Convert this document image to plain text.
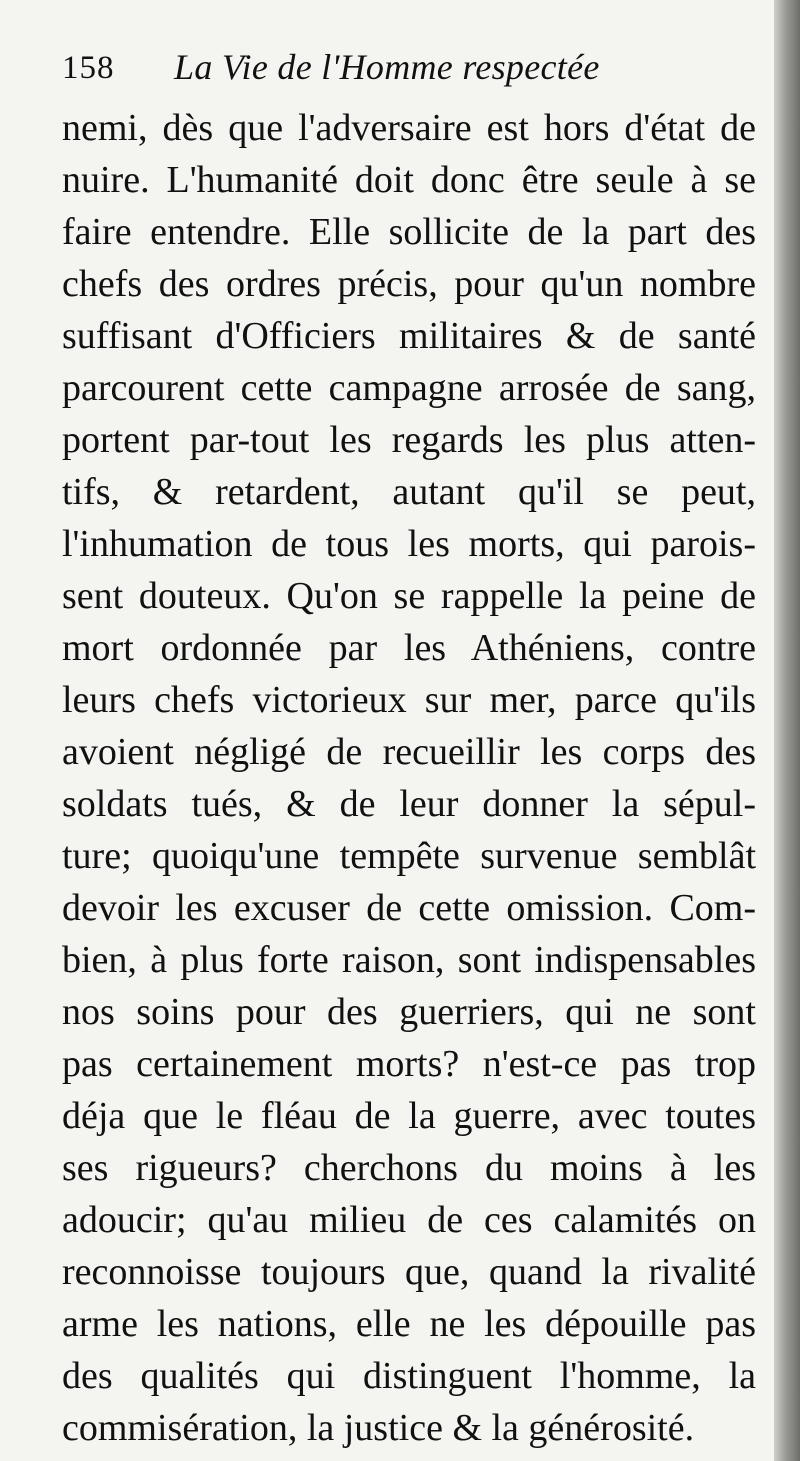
158 La Vie de l'Homme respectée
nemi, dès que l'adversaire est hors d'état de
nuire. L'humanité doit donc être seule à se
faire entendre. Elle sollicite de la part des
chefs des ordres précis, pour qu'un nombre
suffisant d'Officiers militaires & de santé
parcourent cette campagne arrosée de sang,
portent par-tout les regards les plus atten-
tifs, & retardent, autant qu'il se peut,
l'inhumation de tous les morts, qui parois-
sent douteux. Qu'on se rappelle la peine de
mort ordonnée par les Athéniens, contre
leurs chefs victorieux sur mer, parce qu'ils
avoient négligé de recueillir les corps des
soldats tués, & de leur donner la sépul-
ture; quoiqu'une tempête survenue semblât
devoir les excuser de cette omission. Com-
bien, à plus forte raison, sont indispensables
nos soins pour des guerriers, qui ne sont
pas certainement morts? n'est-ce pas trop
déja que le fléau de la guerre, avec toutes
ses rigueurs? cherchons du moins à les
adoucir; qu'au milieu de ces calamités on
reconnoisse toujours que, quand la rivalité
arme les nations, elle ne les dépouille pas
des qualités qui distinguent l'homme, la
commisération, la justice & la générosité.
